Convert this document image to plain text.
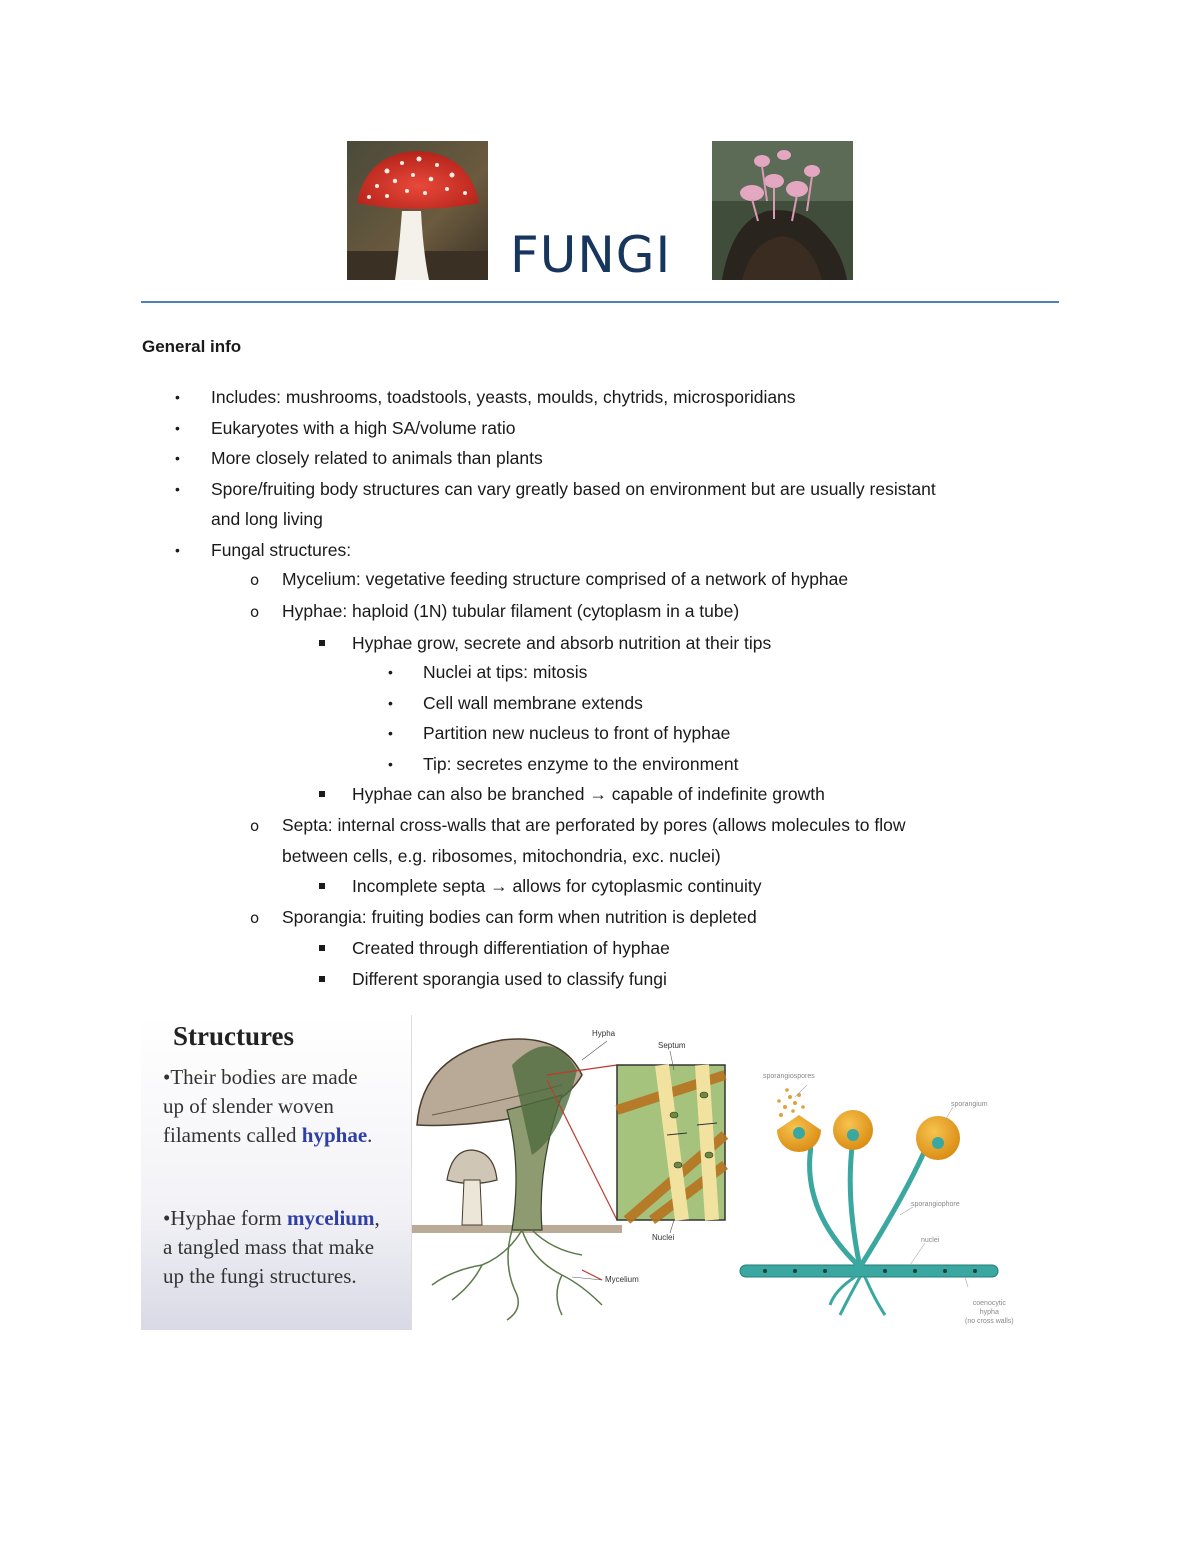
FUNGI
General info
• Includes: mushrooms, toadstools, yeasts, moulds, chytrids, microsporidians
• Eukaryotes with a high SA/volume ratio
• More closely related to animals than plants
• Spore/fruiting body structures can vary greatly based on environment but are usually resistant
and long living
• Fungal structures:
o Mycelium: vegetative feeding structure comprised of a network of hyphae
o Hyphae: haploid (1N) tubular filament (cytoplasm in a tube)
Hyphae grow, secrete and absorb nutrition at their tips
• Nuclei at tips: mitosis
• Cell wall membrane extends
• Partition new nucleus to front of hyphae
• Tip: secretes enzyme to the environment
Hyphae can also be branched → capable of indefinite growth
o Septa: internal cross-walls that are perforated by pores (allows molecules to flow
between cells, e.g. ribosomes, mitochondria, exc. nuclei)
Incomplete septa → allows for cytoplasmic continuity
o Sporangia: fruiting bodies can form when nutrition is depleted
Created through differentiation of hyphae
Different sporangia used to classify fungi
Structures
•Their bodies are made
up of slender woven
filaments called hyphae.
•Hyphae form mycelium,
a tangled mass that make
up the fungi structures.
Hypha
Septum
Nuclei
Mycelium
sporangiospores
sporangium
sporangiophore
nuclei
coenocytic
hypha
(no cross walls)
